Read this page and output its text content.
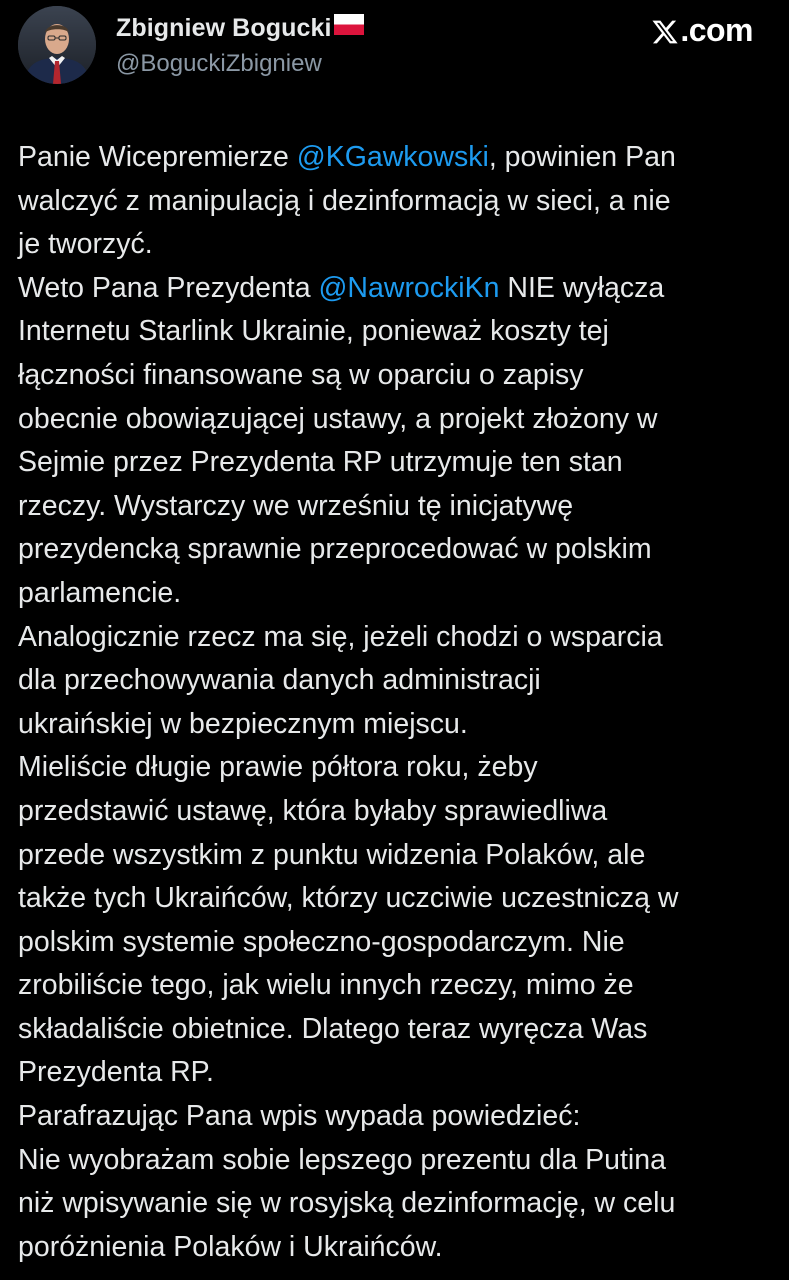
Zbigniew Bogucki
@BoguckiZbigniew
.com
Panie Wicepremierze @KGawkowski, powinien Pan
walczyć z manipulacją i dezinformacją w sieci, a nie
je tworzyć.
Weto Pana Prezydenta @NawrockiKn NIE wyłącza
Internetu Starlink Ukrainie, ponieważ koszty tej
łączności finansowane są w oparciu o zapisy
obecnie obowiązującej ustawy, a projekt złożony w
Sejmie przez Prezydenta RP utrzymuje ten stan
rzeczy. Wystarczy we wrześniu tę inicjatywę
prezydencką sprawnie przeprocedować w polskim
parlamencie.
Analogicznie rzecz ma się, jeżeli chodzi o wsparcia
dla przechowywania danych administracji
ukraińskiej w bezpiecznym miejscu.
Mieliście długie prawie półtora roku, żeby
przedstawić ustawę, która byłaby sprawiedliwa
przede wszystkim z punktu widzenia Polaków, ale
także tych Ukraińców, którzy uczciwie uczestniczą w
polskim systemie społeczno-gospodarczym. Nie
zrobiliście tego, jak wielu innych rzeczy, mimo że
składaliście obietnice. Dlatego teraz wyręcza Was
Prezydenta RP.
Parafrazując Pana wpis wypada powiedzieć:
Nie wyobrażam sobie lepszego prezentu dla Putina
niż wpisywanie się w rosyjską dezinformację, w celu
poróżnienia Polaków i Ukraińców.
